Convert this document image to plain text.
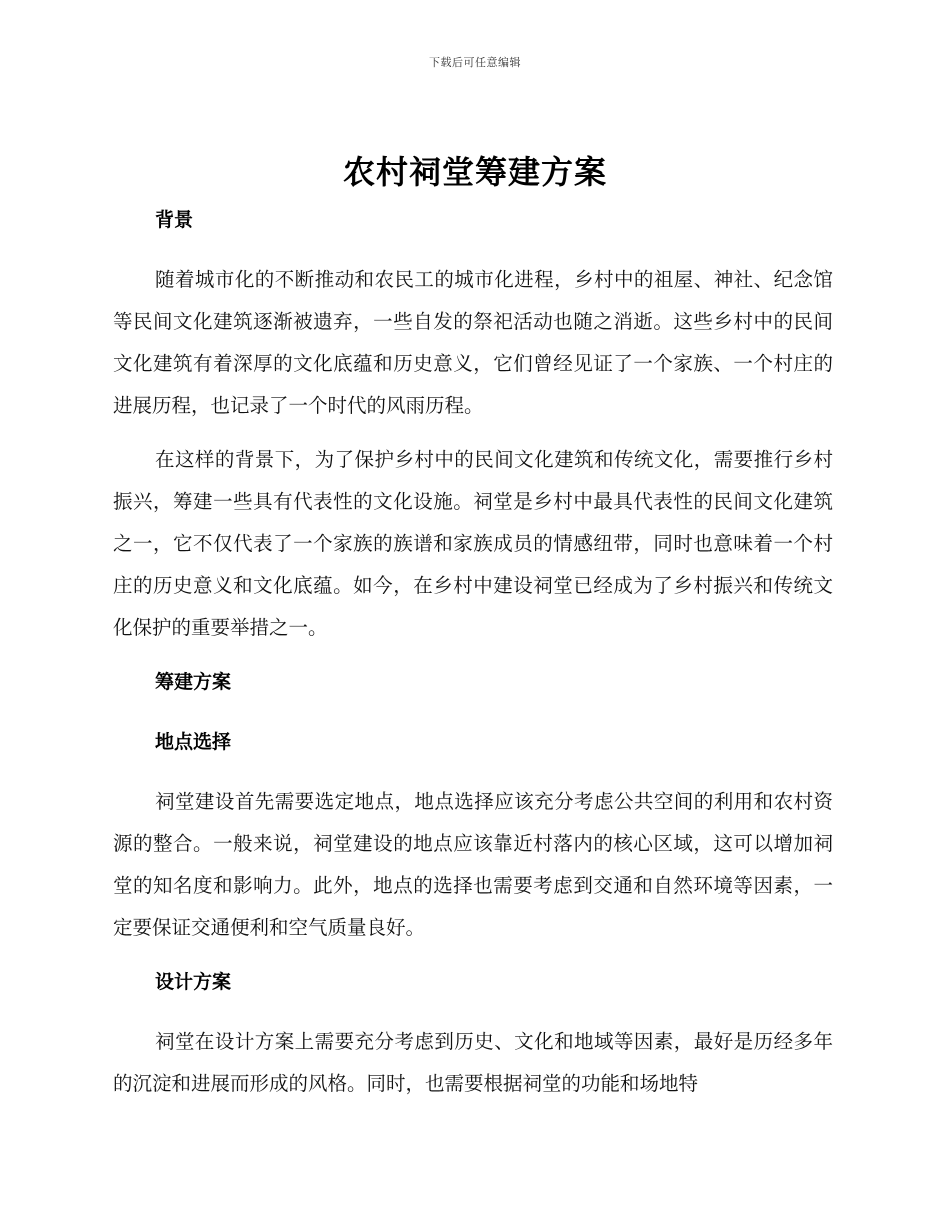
下载后可任意编辑
农村祠堂筹建方案
背景

随着城市化的不断推动和农民工的城市化进程，乡村中的祖屋、神社、纪念馆等民间文化建筑逐渐被遗弃，一些自发的祭祀活动也随之消逝。这些乡村中的民间文化建筑有着深厚的文化底蕴和历史意义，它们曾经见证了一个家族、一个村庄的进展历程，也记录了一个时代的风雨历程。

在这样的背景下，为了保护乡村中的民间文化建筑和传统文化，需要推行乡村振兴，筹建一些具有代表性的文化设施。祠堂是乡村中最具代表性的民间文化建筑之一，它不仅代表了一个家族的族谱和家族成员的情感纽带，同时也意味着一个村庄的历史意义和文化底蕴。如今，在乡村中建设祠堂已经成为了乡村振兴和传统文化保护的重要举措之一。

筹建方案
地点选择

祠堂建设首先需要选定地点，地点选择应该充分考虑公共空间的利用和农村资源的整合。一般来说，祠堂建设的地点应该靠近村落内的核心区域，这可以增加祠堂的知名度和影响力。此外，地点的选择也需要考虑到交通和自然环境等因素，一定要保证交通便利和空气质量良好。

设计方案

祠堂在设计方案上需要充分考虑到历史、文化和地域等因素，最好是历经多年的沉淀和进展而形成的风格。同时，也需要根据祠堂的功能和场地特
